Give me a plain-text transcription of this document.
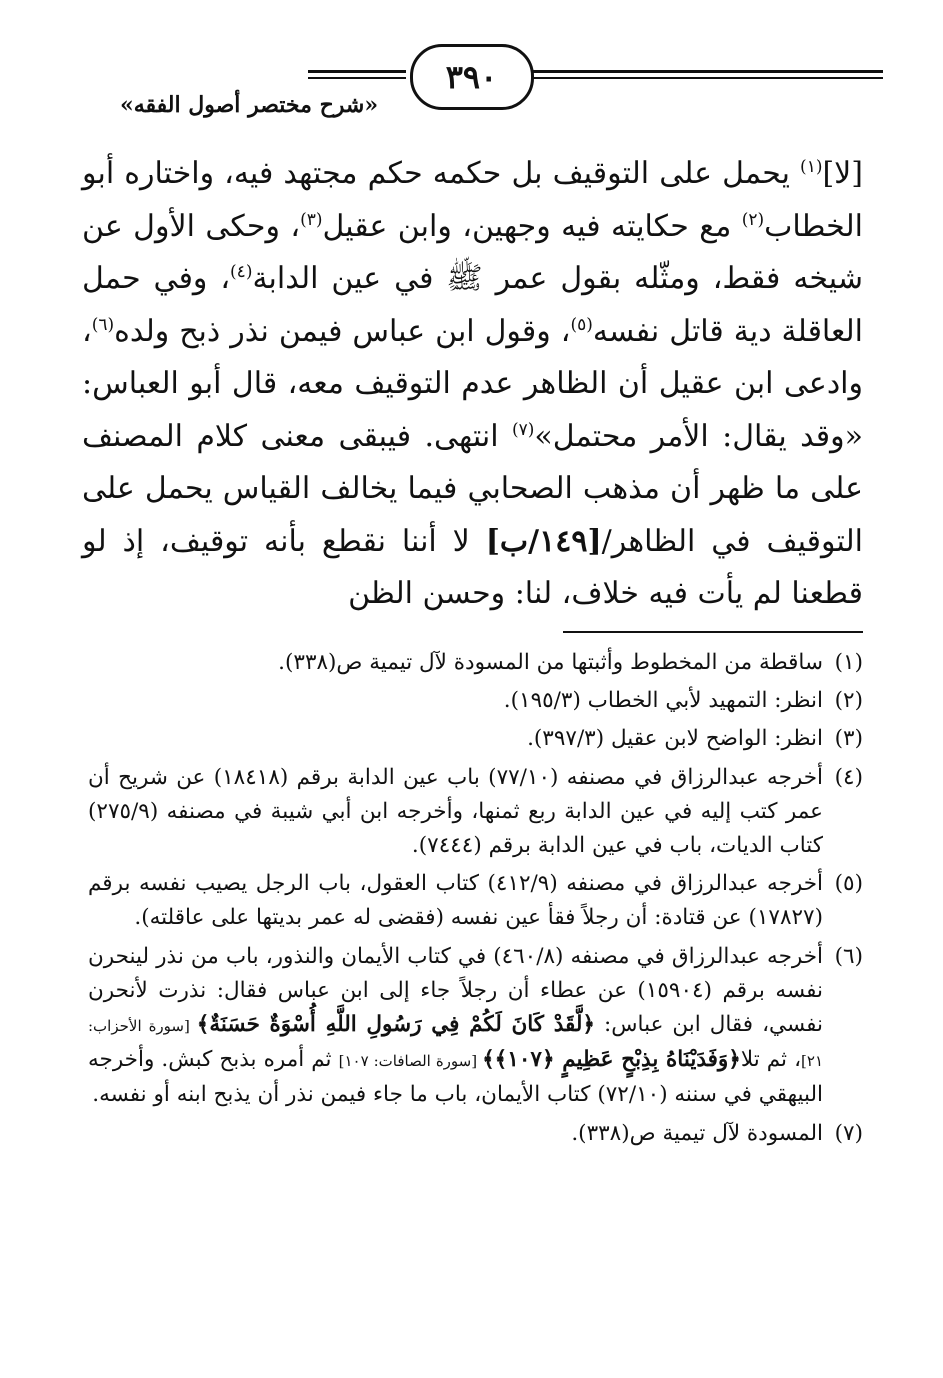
٣٩٠
«شرح مختصر أصول الفقه»

[لا]$^{(١)}$ يحمل على التوقيف بل حكمه حكم مجتهد فيه، واختاره أبو الخطاب$^{(٢)}$ مع حكايته فيه وجهين، وابن عقيل$^{(٣)}$، وحكى الأول عن شيخه فقط، ومثّله بقول عمر ﷺ في عين الدابة$^{(٤)}$، وفي حمل العاقلة دية قاتل نفسه$^{(٥)}$، وقول ابن عباس فيمن نذر ذبح ولده$^{(٦)}$، وادعى ابن عقيل أن الظاهر عدم التوقيف معه، قال أبو العباس: «وقد يقال: الأمر محتمل»$^{(٧)}$ انتهى. فيبقى معنى كلام المصنف على ما ظهر أن مذهب الصحابي فيما يخالف القياس يحمل على التوقيف في الظاهر/[١٤٩/ب] لا أننا نقطع بأنه توقيف، إذ لو قطعنا لم يأت فيه خلاف، لنا: وحسن الظن

(١)
ساقطة من المخطوط وأثبتها من المسودة لآل تيمية ص(٣٣٨).
(٢)
انظر: التمهيد لأبي الخطاب (١٩٥/٣).
(٣)
انظر: الواضح لابن عقيل (٣٩٧/٣).
(٤)
أخرجه عبدالرزاق في مصنفه (٧٧/١٠) باب عين الدابة برقم (١٨٤١٨) عن شريح أن عمر كتب إليه في عين الدابة ربع ثمنها، وأخرجه ابن أبي شيبة في مصنفه (٢٧٥/٩) كتاب الديات، باب في عين الدابة برقم (٧٤٤٤).
(٥)
أخرجه عبدالرزاق في مصنفه (٤١٢/٩) كتاب العقول، باب الرجل يصيب نفسه برقم (١٧٨٢٧) عن قتادة: أن رجلاً فقأ عين نفسه (فقضى له عمر بديتها على عاقلته).
(٦)
أخرجه عبدالرزاق في مصنفه (٤٦٠/٨) في كتاب الأيمان والنذور، باب من نذر لينحرن نفسه برقم (١٥٩٠٤) عن عطاء أن رجلاً جاء إلى ابن عباس فقال: نذرت لأنحرن نفسي، فقال ابن عباس: ﴿لَّقَدْ كَانَ لَكُمْ فِي رَسُولِ اللَّهِ أُسْوَةٌ حَسَنَةٌ﴾ [سورة الأحزاب: ٢١]، ثم تلا﴿وَفَدَيْنَاهُ بِذِبْحٍ عَظِيمٍ ﴿١٠٧﴾﴾ [سورة الصافات: ١٠٧] ثم أمره بذبح كبش. وأخرجه البيهقي في سننه (٧٢/١٠) كتاب الأيمان، باب ما جاء فيمن نذر أن يذبح ابنه أو نفسه.
(٧)
المسودة لآل تيمية ص(٣٣٨).
